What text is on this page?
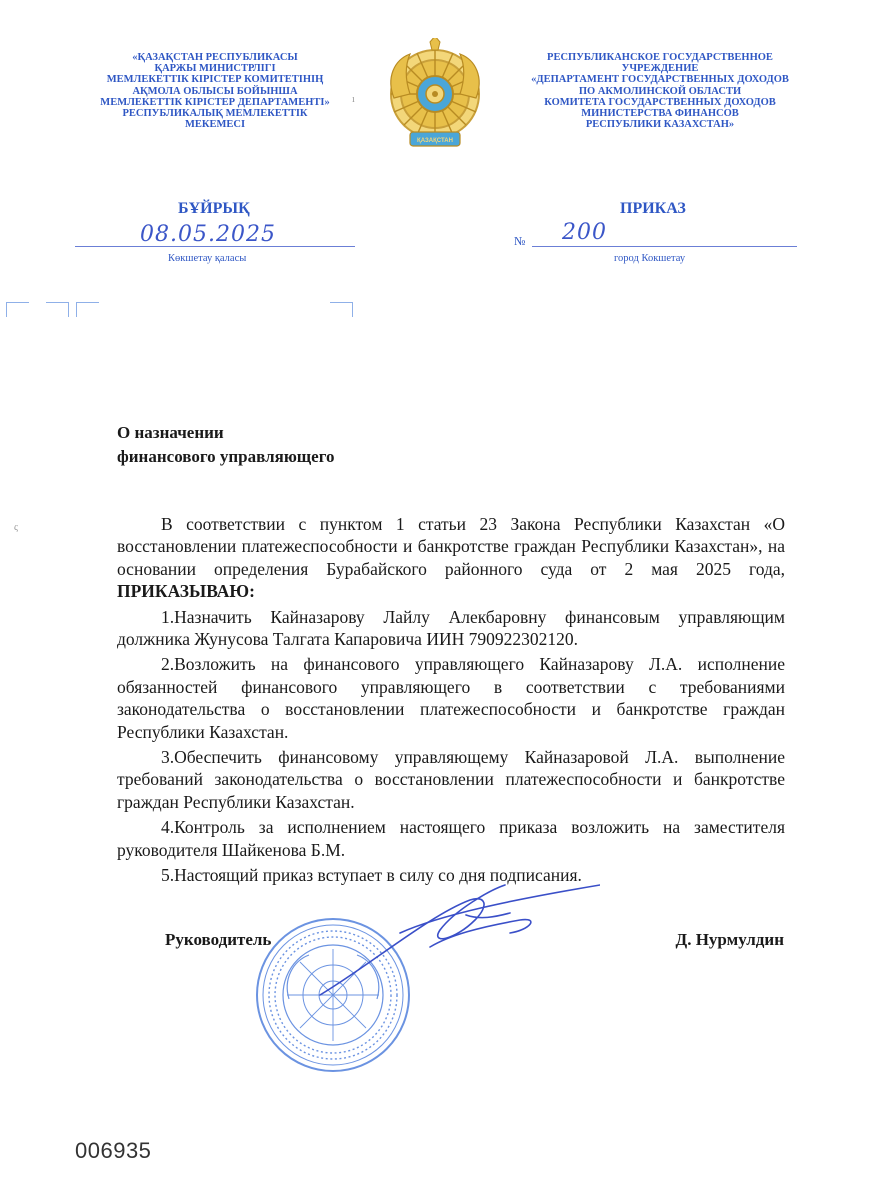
«ҚАЗАҚСТАН РЕСПУБЛИКАСЫ
ҚАРЖЫ МИНИСТРЛІГІ
МЕМЛЕКЕТТІК КІРІСТЕР КОМИТЕТІНІҢ
АҚМОЛА ОБЛЫСЫ БОЙЫНША
МЕМЛЕКЕТТІК КІРІСТЕР ДЕПАРТАМЕНТІ»
РЕСПУБЛИКАЛЫҚ МЕМЛЕКЕТТІК
МЕКЕМЕСІ
ҚАЗАҚСТАН
РЕСПУБЛИКАНСКОЕ ГОСУДАРСТВЕННОЕ
УЧРЕЖДЕНИЕ
«ДЕПАРТАМЕНТ ГОСУДАРСТВЕННЫХ ДОХОДОВ
ПО АКМОЛИНСКОЙ ОБЛАСТИ
КОМИТЕТА ГОСУДАРСТВЕННЫХ ДОХОДОВ
МИНИСТЕРСТВА ФИНАНСОВ
РЕСПУБЛИКИ КАЗАХСТАН»
ı
БҰЙРЫҚ	ПРИКАЗ
08.05.2025	№ 200
Көкшетау қаласы	город Кокшетау
О назначении
финансового управляющего
ς	В соответствии с пунктом 1 статьи 23 Закона Республики Казахстан «О восстановлении платежеспособности и банкротстве граждан Республики Казахстан», на основании определения Бурабайского районного суда от 2 мая 2025 года, ПРИКАЗЫВАЮ:

1.Назначить Кайназарову Лайлу Алекбаровну финансовым управляющим должника Жунусова Талгата Капаровича ИИН 790922302120.

2.Возложить на финансового управляющего Кайназарову Л.А. исполнение обязанностей финансового управляющего в соответствии с требованиями законодательства о восстановлении платежеспособности и банкротстве граждан Республики Казахстан.

3.Обеспечить финансовому управляющему Кайназаровой Л.А. выполнение требований законодательства о восстановлении платежеспособности и банкротстве граждан Республики Казахстан.

4.Контроль за исполнением настоящего приказа возложить на заместителя руководителя Шайкенова Б.М.

5.Настоящий приказ вступает в силу со дня подписания.

Руководитель	Д. Нурмулдин
006935
